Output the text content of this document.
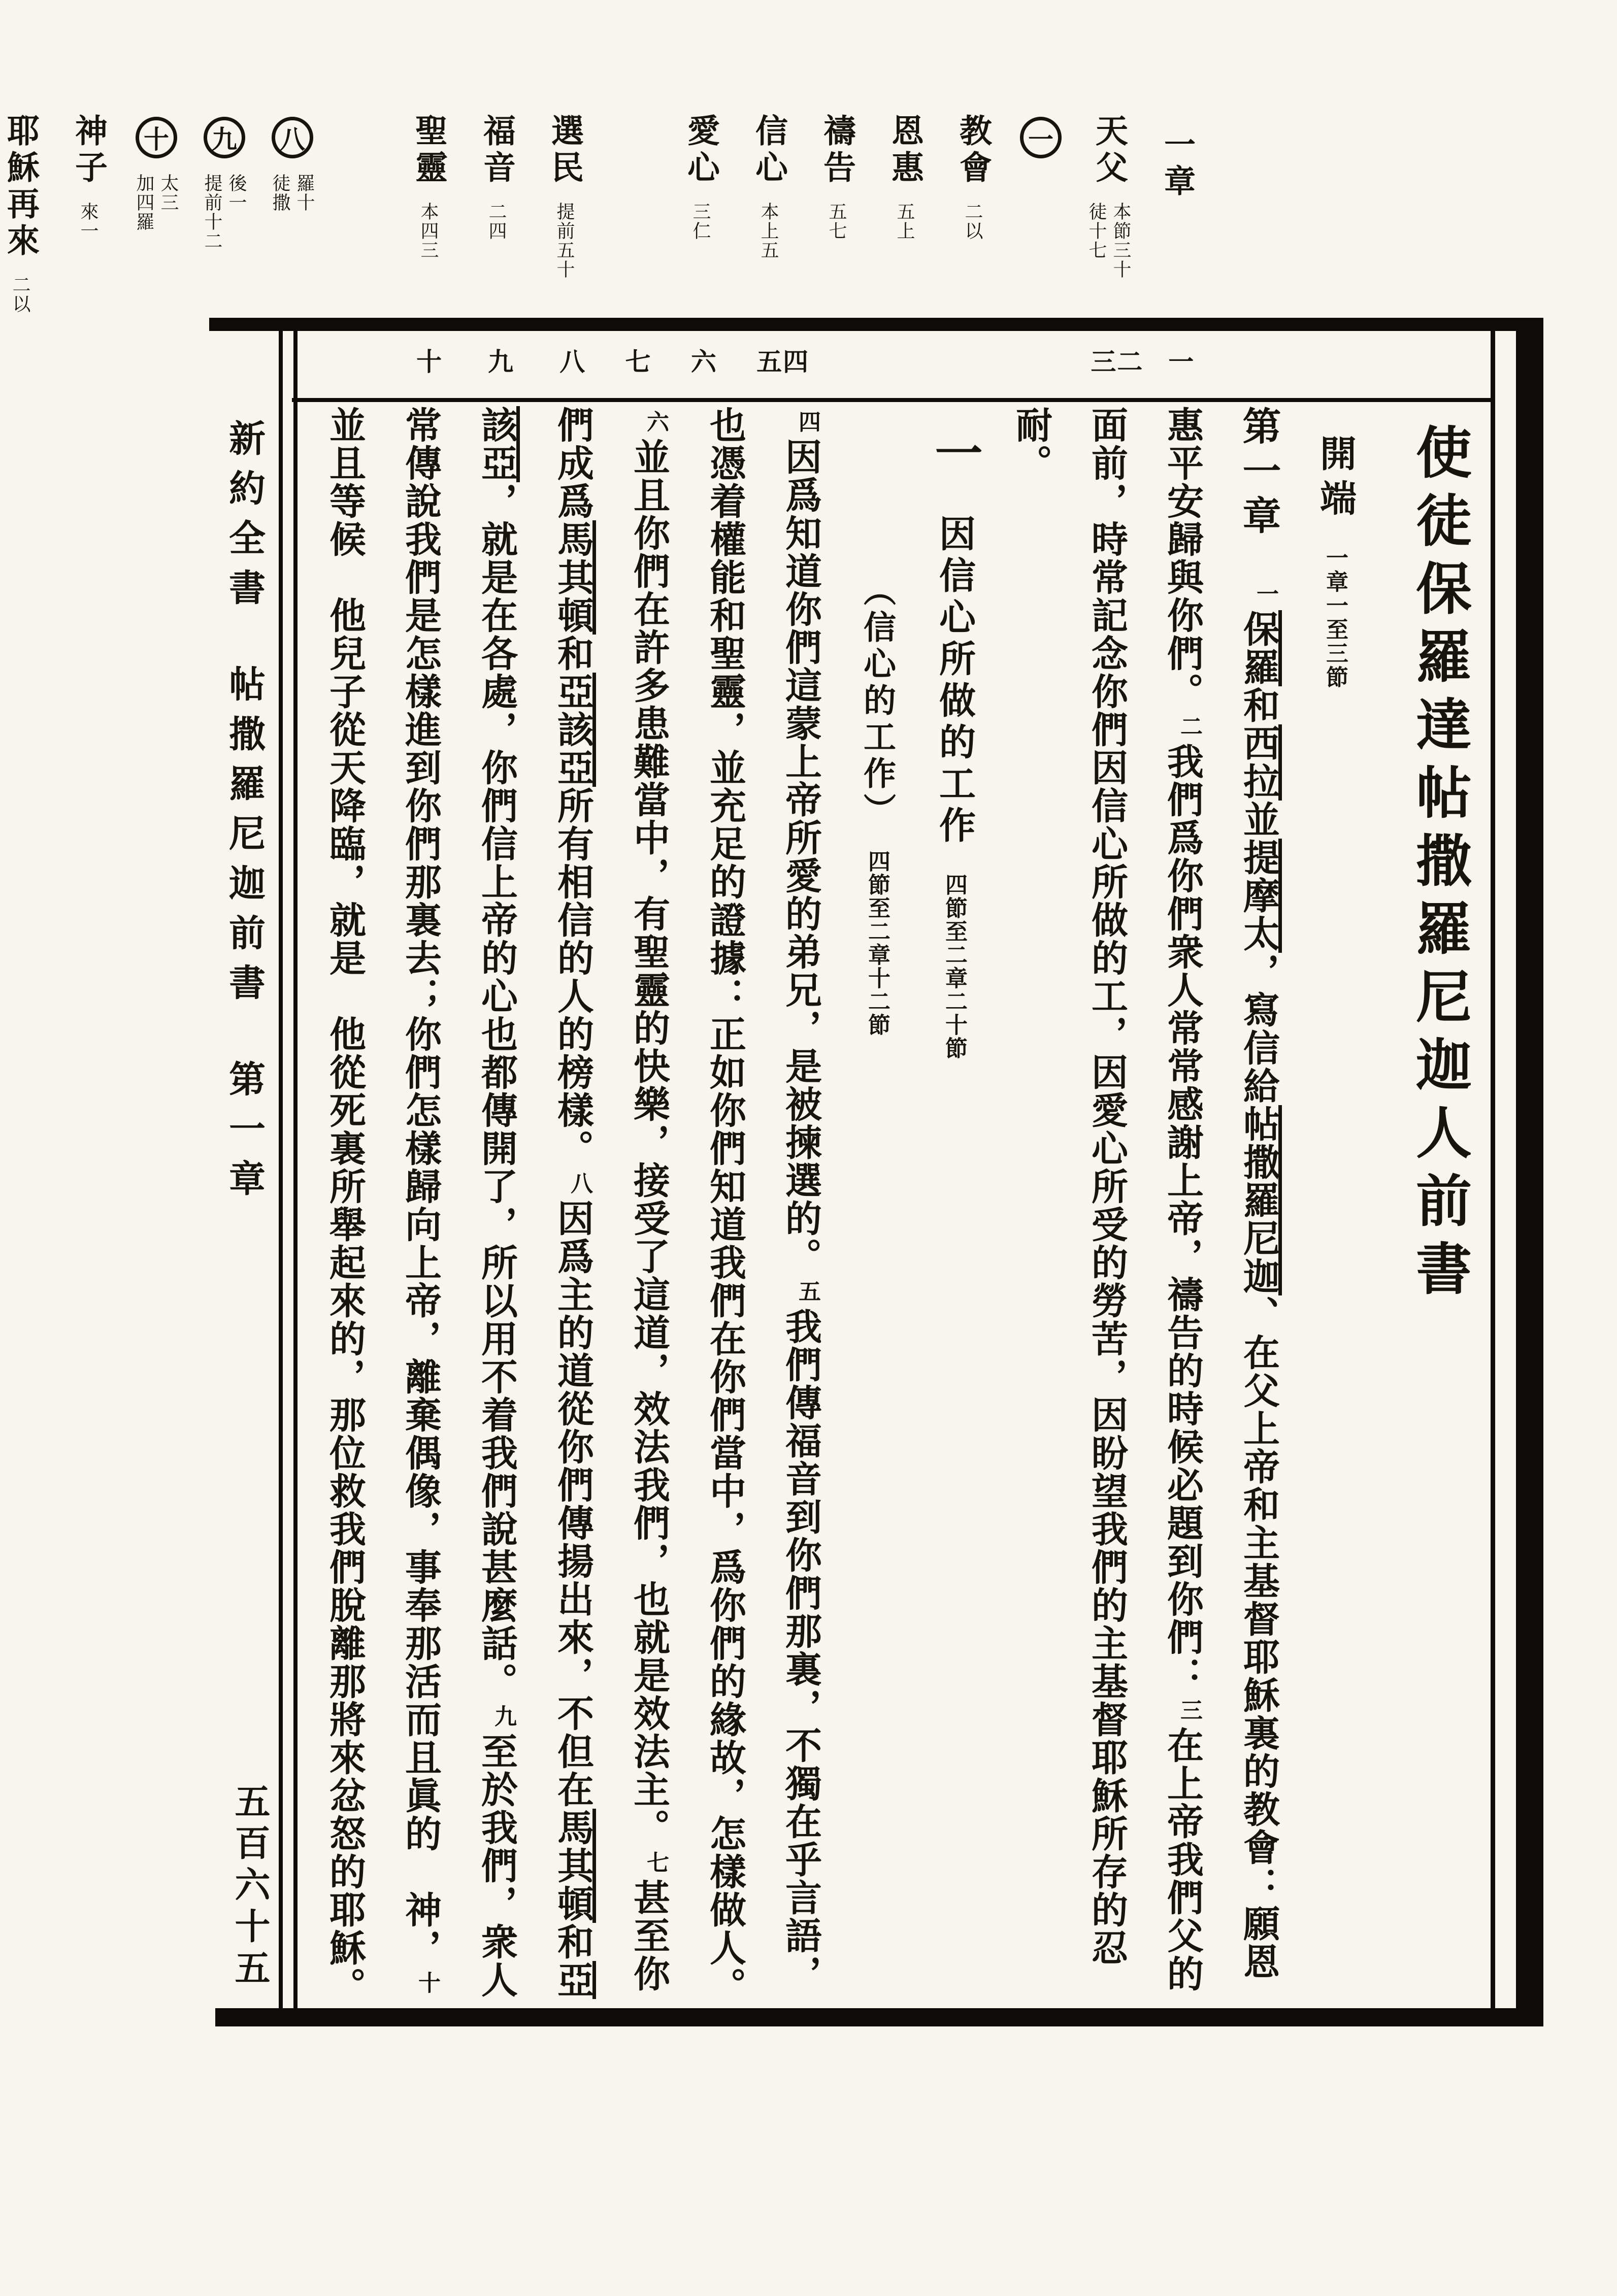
一章
天父
本節三十
徒十七
一
教會
二以
恩惠
五上
禱告
五七
信心
本上五
愛心
三仁
選民
提前五十
福音
二四
聖靈
本四三
八
羅十
徒撒
九
後一
提前十二
十
太三
加四羅
神子
來一
耶穌再來
二以
十 九 八 七 六 五四	三二 一
新約全書帖撒羅尼迦前書第一章
五百六十五
使徒保羅達帖撒羅尼迦人前書
開端一章一至三節
第一章　一保羅和西拉並提摩太，寫信給帖撒羅尼迦、在父上帝和主基督耶穌裏的教會：願恩惠平安歸與你們。二我們爲你們衆人常常感謝上帝，禱告的時候必題到你們：三在上帝我們父的面前，時常記念你們因信心所做的工，因愛心所受的勞苦，因盼望我們的主基督耶穌所存的忍耐。
一因信心所做的工作四節至二章二十節
（信心的工作）四節至二章十二節
四因爲知道你們這蒙上帝所愛的弟兄，是被揀選的。五我們傳福音到你們那裏，不獨在乎言語，也憑着權能和聖靈，並充足的證據：正如你們知道我們在你們當中，爲你們的緣故，怎樣做人。六並且你們在許多患難當中，有聖靈的快樂，接受了這道，效法我們，也就是效法主。七甚至你們成爲馬其頓和亞該亞所有相信的人的榜樣。八因爲主的道從你們傳揚出來，不但在馬其頓和亞該亞，就是在各處，你們信上帝的心也都傳開了，所以用不着我們說甚麼話。九至於我們，衆人常傳說我們是怎樣進到你們那裏去；你們怎樣歸向上帝，離棄偶像，事奉那活而且眞的　神，十並且等候　他兒子從天降臨，就是　他從死裏所舉起來的，那位救我們脫離那將來忿怒的耶穌。
